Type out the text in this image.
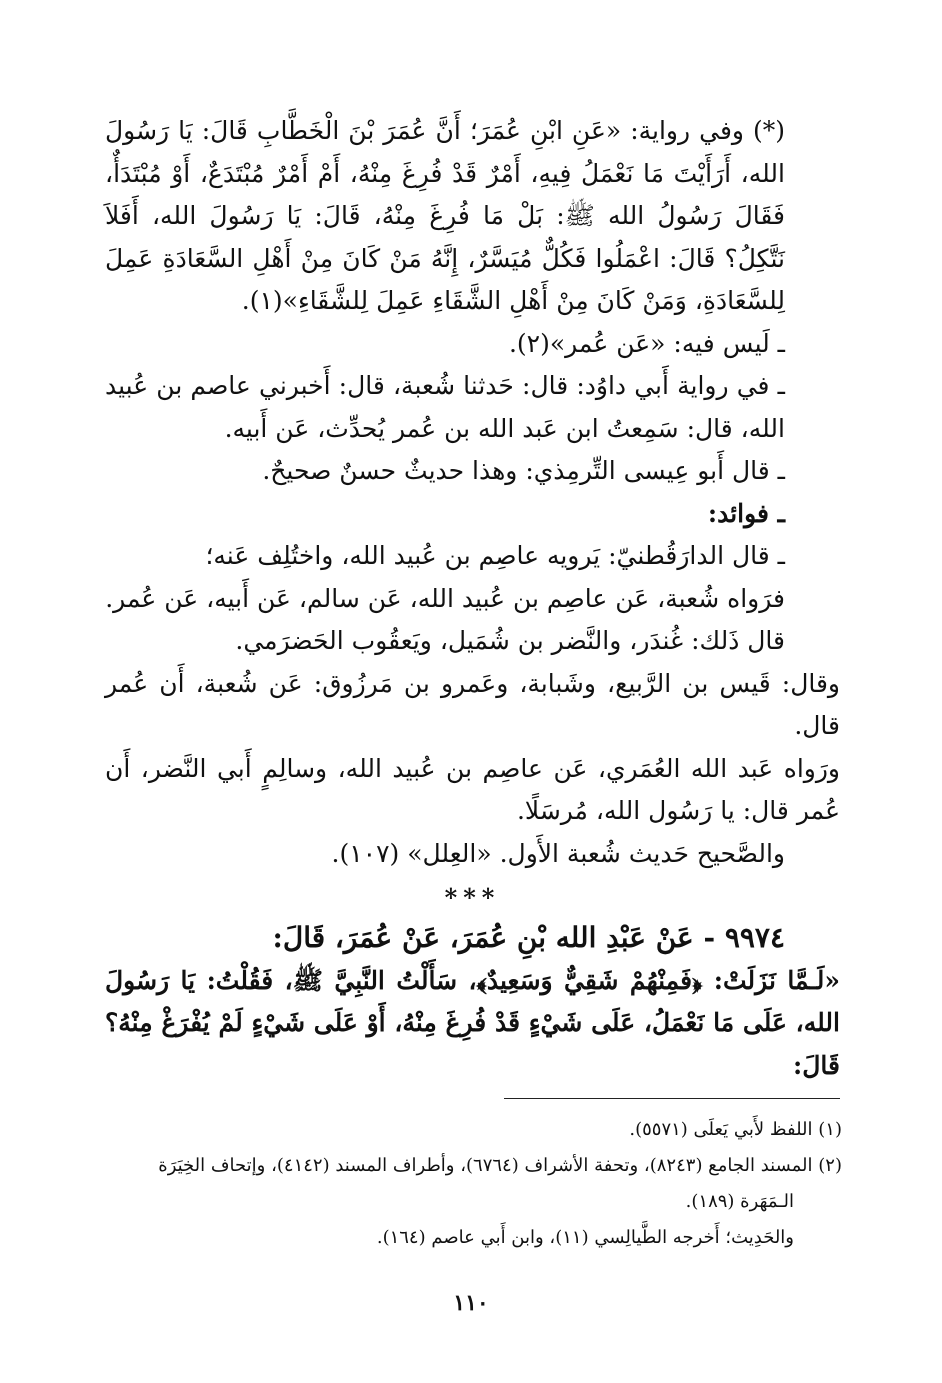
(*) وفي رواية: «عَنِ ابْنِ عُمَرَ؛ أَنَّ عُمَرَ بْنَ الْخَطَّابِ قَالَ: يَا رَسُولَ الله، أَرَأَيْتَ مَا نَعْمَلُ فِيهِ، أَمْرٌ قَدْ فُرِغَ مِنْهُ، أَمْ أَمْرٌ مُبْتَدَعٌ، أَوْ مُبْتَدَأٌ، فَقَالَ رَسُولُ الله ﷺ: بَلْ مَا فُرِغَ مِنْهُ، قَالَ: يَا رَسُولَ الله، أَفَلاَ نَتَّكِلُ؟ قَالَ: اعْمَلُوا فَكُلٌّ مُيَسَّرٌ، إِنَّهُ مَنْ كَانَ مِنْ أَهْلِ السَّعَادَةِ عَمِلَ لِلسَّعَادَةِ، وَمَنْ كَانَ مِنْ أَهْلِ الشَّقَاءِ عَمِلَ لِلشَّقَاءِ»(١).

ـ لَيس فيه: «عَن عُمر»(٢).

ـ في رواية أَبي داوُد: قال: حَدثنا شُعبة، قال: أَخبرني عاصم بن عُبيد الله، قال: سَمِعتُ ابن عَبد الله بن عُمر يُحدِّث، عَن أَبيه.

ـ قال أَبو عِيسى التِّرمِذي: وهذا حديثٌ حسنٌ صحيحٌ.

ـ فوائد:

ـ قال الدارَقُطنيّ: يَرويه عاصِم بن عُبيد الله، واختُلِف عَنه؛

فرَواه شُعبة، عَن عاصِم بن عُبيد الله، عَن سالم، عَن أَبيه، عَن عُمر.

قال ذَلك: غُندَر، والنَّضر بن شُمَيل، ويَعقُوب الحَضرَمي.

وقال: قَيس بن الرَّبيع، وشَبابة، وعَمرو بن مَرزُوق: عَن شُعبة، أَن عُمر قال.

ورَواه عَبد الله العُمَري، عَن عاصِم بن عُبيد الله، وسالِمٍ أَبي النَّضر، أَن عُمر قال: يا رَسُول الله، مُرسَلًا.

والصَّحيح حَديث شُعبة الأَول. «العِلل» (١٠٧).

***

٩٩٧٤ - عَنْ عَبْدِ الله بْنِ عُمَرَ، عَنْ عُمَرَ، قَالَ:

«لَـمَّا نَزَلَتْ: ﴿فَمِنْهُمْ شَقِيٌّ وَسَعِيدٌ﴾، سَأَلْتُ النَّبِيَّ ﷺ، فَقُلْتُ: يَا رَسُولَ الله، عَلَى مَا نَعْمَلُ، عَلَى شَيْءٍ قَدْ فُرِغَ مِنْهُ، أَوْ عَلَى شَيْءٍ لَمْ يُفْرَغْ مِنْهُ؟ قَالَ:

(١) اللفظ لأَبي يَعلَى (٥٥٧١).

(٢) المسند الجامع (٨٢٤٣)، وتحفة الأشراف (٦٧٦٤)، وأطراف المسند (٤١٤٢)، وإتحاف الخِيَرَة

الـمَهَرة (١٨٩).

والحَدِيث؛ أَخرجه الطَّيالِسي (١١)، وابن أَبي عاصم (١٦٤).

١١٠
